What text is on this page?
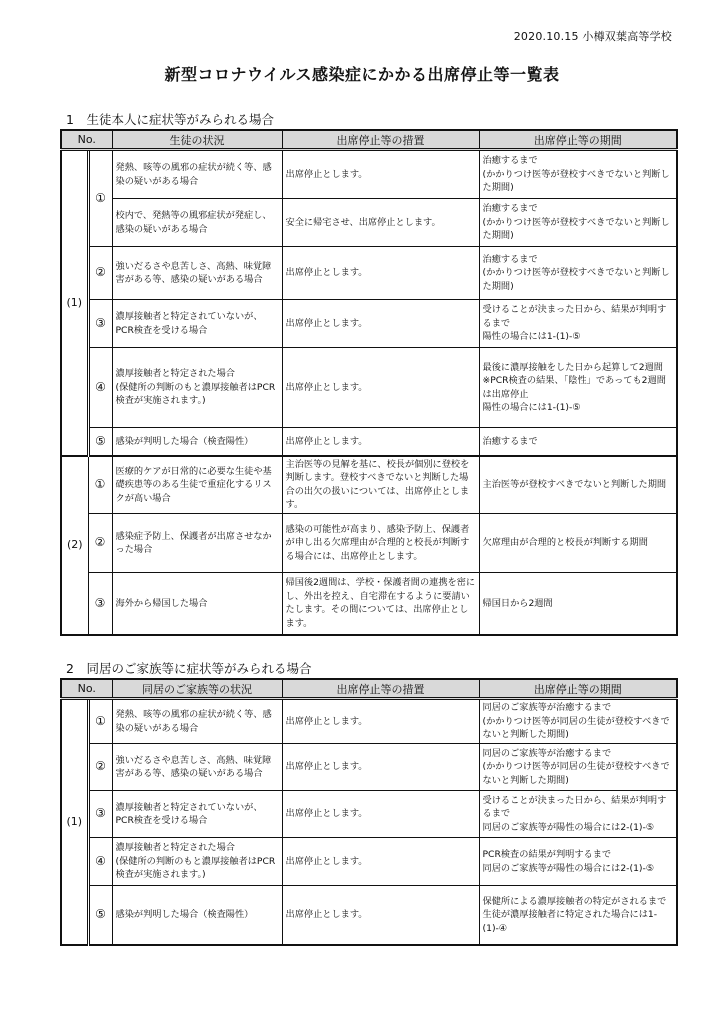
2020.10.15 小樽双葉高等学校
新型コロナウイルス感染症にかかる出席停止等一覧表
1　生徒本人に症状等がみられる場合
No.		生徒の状況	出席停止等の措置	出席停止等の期間
(1)	①	発熱、咳等の風邪の症状が続く等、感染の疑いがある場合	出席停止とします。	治癒するまで
(かかりつけ医等が登校すべきでないと判断した期間)
		校内で、発熱等の風邪症状が発症し、感染の疑いがある場合	安全に帰宅させ、出席停止とします。	治癒するまで
(かかりつけ医等が登校すべきでないと判断した期間)
	②	強いだるさや息苦しさ、高熱、味覚障害がある等、感染の疑いがある場合	出席停止とします。	治癒するまで
(かかりつけ医等が登校すべきでないと判断した期間)
	③	濃厚接触者と特定されていないが、PCR検査を受ける場合	出席停止とします。	受けることが決まった日から、結果が判明するまで
陽性の場合には1-(1)-⑤
	④	濃厚接触者と特定された場合
(保健所の判断のもと濃厚接触者はPCR検査が実施されます。)	出席停止とします。	最後に濃厚接触をした日から起算して2週間
※PCR検査の結果、「陰性」であっても2週間は出席停止
陽性の場合には1-(1)-⑤
	⑤	感染が判明した場合（検査陽性）	出席停止とします。	治癒するまで
(2)	①	医療的ケアが日常的に必要な生徒や基礎疾患等のある生徒で重症化するリスクが高い場合	主治医等の見解を基に、校長が個別に登校を判断します。登校すべきでないと判断した場合の出欠の扱いについては、出席停止とします。	主治医等が登校すべきでないと判断した期間
	②	感染症予防上、保護者が出席させなかった場合	感染の可能性が高まり、感染予防上、保護者が申し出る欠席理由が合理的と校長が判断する場合には、出席停止とします。	欠席理由が合理的と校長が判断する期間
	③	海外から帰国した場合	帰国後2週間は、学校・保護者間の連携を密にし、外出を控え、自宅滞在するように要請いたします。その間については、出席停止とします。	帰国日から2週間
2　同居のご家族等に症状等がみられる場合
No.		同居のご家族等の状況	出席停止等の措置	出席停止等の期間
(1)	①	発熱、咳等の風邪の症状が続く等、感染の疑いがある場合	出席停止とします。	同居のご家族等が治癒するまで
(かかりつけ医等が同居の生徒が登校すべきでないと判断した期間)
	②	強いだるさや息苦しさ、高熱、味覚障害がある等、感染の疑いがある場合	出席停止とします。	同居のご家族等が治癒するまで
(かかりつけ医等が同居の生徒が登校すべきでないと判断した期間)
	③	濃厚接触者と特定されていないが、PCR検査を受ける場合	出席停止とします。	受けることが決まった日から、結果が判明するまで
同居のご家族等が陽性の場合には2-(1)-⑤
	④	濃厚接触者と特定された場合
(保健所の判断のもと濃厚接触者はPCR検査が実施されます。)	出席停止とします。	PCR検査の結果が判明するまで
同居のご家族等が陽性の場合には2-(1)-⑤
	⑤	感染が判明した場合（検査陽性）	出席停止とします。	保健所による濃厚接触者の特定がされるまで
生徒が濃厚接触者に特定された場合には1-(1)-④
